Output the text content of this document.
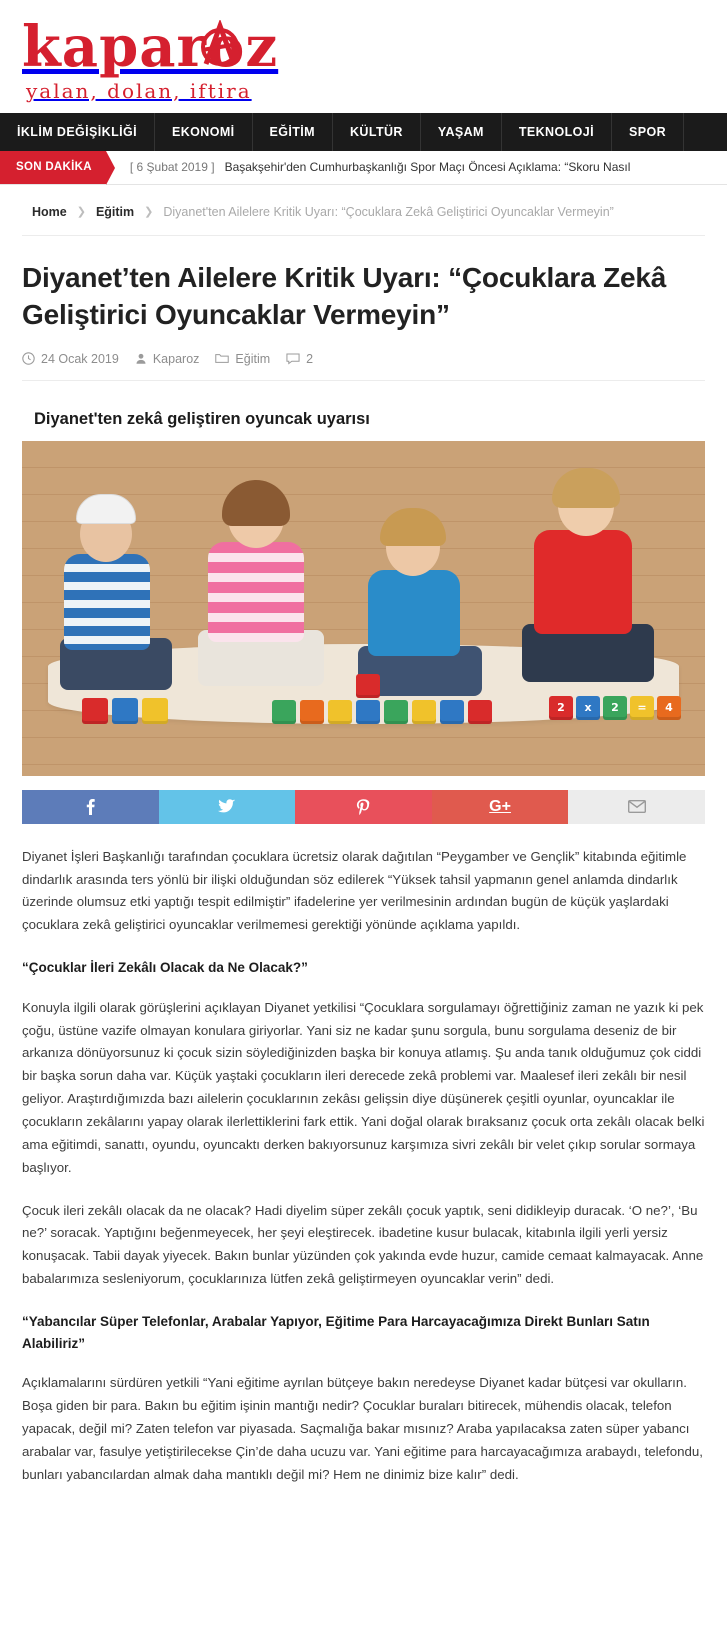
kaparoz
yalan, dolan, iftira
İKLİM DEĞİŞİKLİĞİ	EKONOMİ	EĞİTİM	KÜLTÜR	YAŞAM	TEKNOLOJİ	SPOR
SON DAKİKA	[ 6 Şubat 2019 ] Başakşehir'den Cumhurbaşkanlığı Spor Maçı Öncesi Açıklama: “Skoru Nasıl
Home ❯ Eğitim ❯ Diyanet'ten Ailelere Kritik Uyarı: “Çocuklara Zekâ Geliştirici Oyuncaklar Vermeyin”
Diyanet’ten Ailelere Kritik Uyarı: “Çocuklara Zekâ Geliştirici Oyuncaklar Vermeyin”
24 Ocak 2019	Kaparoz	Eğitim	2
Diyanet'ten zekâ geliştiren oyuncak uyarısı
2	x	2	=	4
G+

Diyanet İşleri Başkanlığı tarafından çocuklara ücretsiz olarak dağıtılan “Peygamber ve Gençlik” kitabında eğitimle dindarlık arasında ters yönlü bir ilişki olduğundan söz edilerek “Yüksek tahsil yapmanın genel anlamda dindarlık üzerinde olumsuz etki yaptığı tespit edilmiştir” ifadelerine yer verilmesinin ardından bugün de küçük yaşlardaki çocuklara zekâ geliştirici oyuncaklar verilmemesi gerektiği yönünde açıklama yapıldı.

“Çocuklar İleri Zekâlı Olacak da Ne Olacak?”

Konuyla ilgili olarak görüşlerini açıklayan Diyanet yetkilisi “Çocuklara sorgulamayı öğrettiğiniz zaman ne yazık ki pek çoğu, üstüne vazife olmayan konulara giriyorlar. Yani siz ne kadar şunu sorgula, bunu sorgulama deseniz de bir arkanıza dönüyorsunuz ki çocuk sizin söylediğinizden başka bir konuya atlamış. Şu anda tanık olduğumuz çok ciddi bir başka sorun daha var. Küçük yaştaki çocukların ileri derecede zekâ problemi var. Maalesef ileri zekâlı bir nesil geliyor. Araştırdığımızda bazı ailelerin çocuklarının zekâsı gelişsin diye düşünerek çeşitli oyunlar, oyuncaklar ile çocukların zekâlarını yapay olarak ilerlettiklerini fark ettik. Yani doğal olarak bıraksanız çocuk orta zekâlı olacak belki ama eğitimdi, sanattı, oyundu, oyuncaktı derken bakıyorsunuz karşımıza sivri zekâlı bir velet çıkıp sorular sormaya başlıyor.

Çocuk ileri zekâlı olacak da ne olacak? Hadi diyelim süper zekâlı çocuk yaptık, seni didikleyip duracak. ‘O ne?’, ‘Bu ne?’ soracak. Yaptığını beğenmeyecek, her şeyi eleştirecek. ibadetine kusur bulacak, kitabınla ilgili yerli yersiz konuşacak. Tabii dayak yiyecek. Bakın bunlar yüzünden çok yakında evde huzur, camide cemaat kalmayacak. Anne babalarımıza sesleniyorum, çocuklarınıza lütfen zekâ geliştirmeyen oyuncaklar verin” dedi.

“Yabancılar Süper Telefonlar, Arabalar Yapıyor, Eğitime Para Harcayacağımıza Direkt Bunları Satın Alabiliriz”

Açıklamalarını sürdüren yetkili “Yani eğitime ayrılan bütçeye bakın neredeyse Diyanet kadar bütçesi var okulların. Boşa giden bir para. Bakın bu eğitim işinin mantığı nedir? Çocuklar buraları bitirecek, mühendis olacak, telefon yapacak, değil mi? Zaten telefon var piyasada. Saçmalığa bakar mısınız? Araba yapılacaksa zaten süper yabancı arabalar var, fasulye yetiştirilecekse Çin’de daha ucuzu var. Yani eğitime para harcayacağımıza arabaydı, telefondu, bunları yabancılardan almak daha mantıklı değil mi? Hem ne dinimiz bize kalır” dedi.
